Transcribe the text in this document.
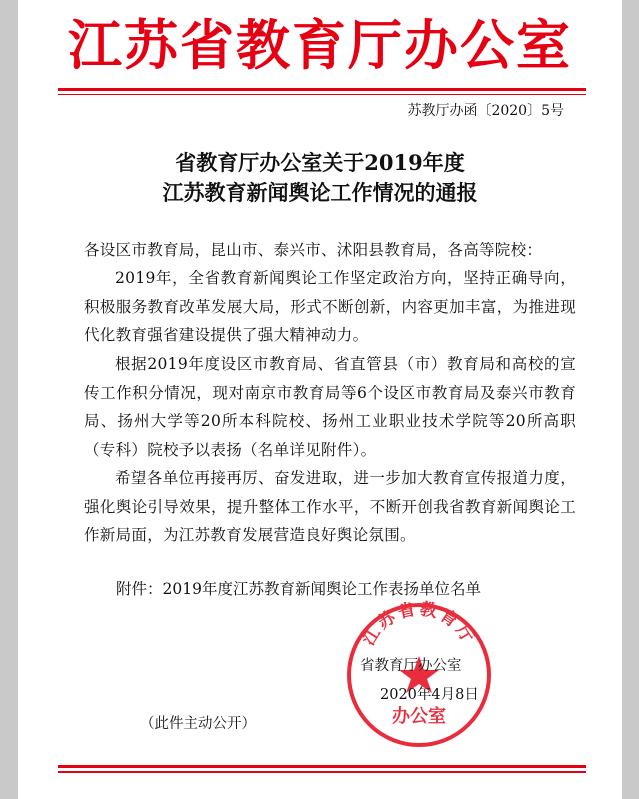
江苏省教育厅办公室
苏教厅办函〔2020〕5号
省教育厅办公室关于2019年度
江苏教育新闻舆论工作情况的通报
各设区市教育局，昆山市、泰兴市、沭阳县教育局，各高等院校：
2019年，全省教育新闻舆论工作坚定政治方向，坚持正确导向，积极服务教育改革发展大局，形式不断创新，内容更加丰富，为推进现代化教育强省建设提供了强大精神动力。
根据2019年度设区市教育局、省直管县（市）教育局和高校的宣传工作积分情况，现对南京市教育局等6个设区市教育局及泰兴市教育局、扬州大学等20所本科院校、扬州工业职业技术学院等20所高职（专科）院校予以表扬（名单详见附件）。
希望各单位再接再厉、奋发进取，进一步加大教育宣传报道力度，强化舆论引导效果，提升整体工作水平，不断开创我省教育新闻舆论工作新局面，为江苏教育发展营造良好舆论氛围。
附件：2019年度江苏教育新闻舆论工作表扬单位名单
江苏省教育厅
办公室
省教育厅办公室
2020年4月8日
（此件主动公开）
